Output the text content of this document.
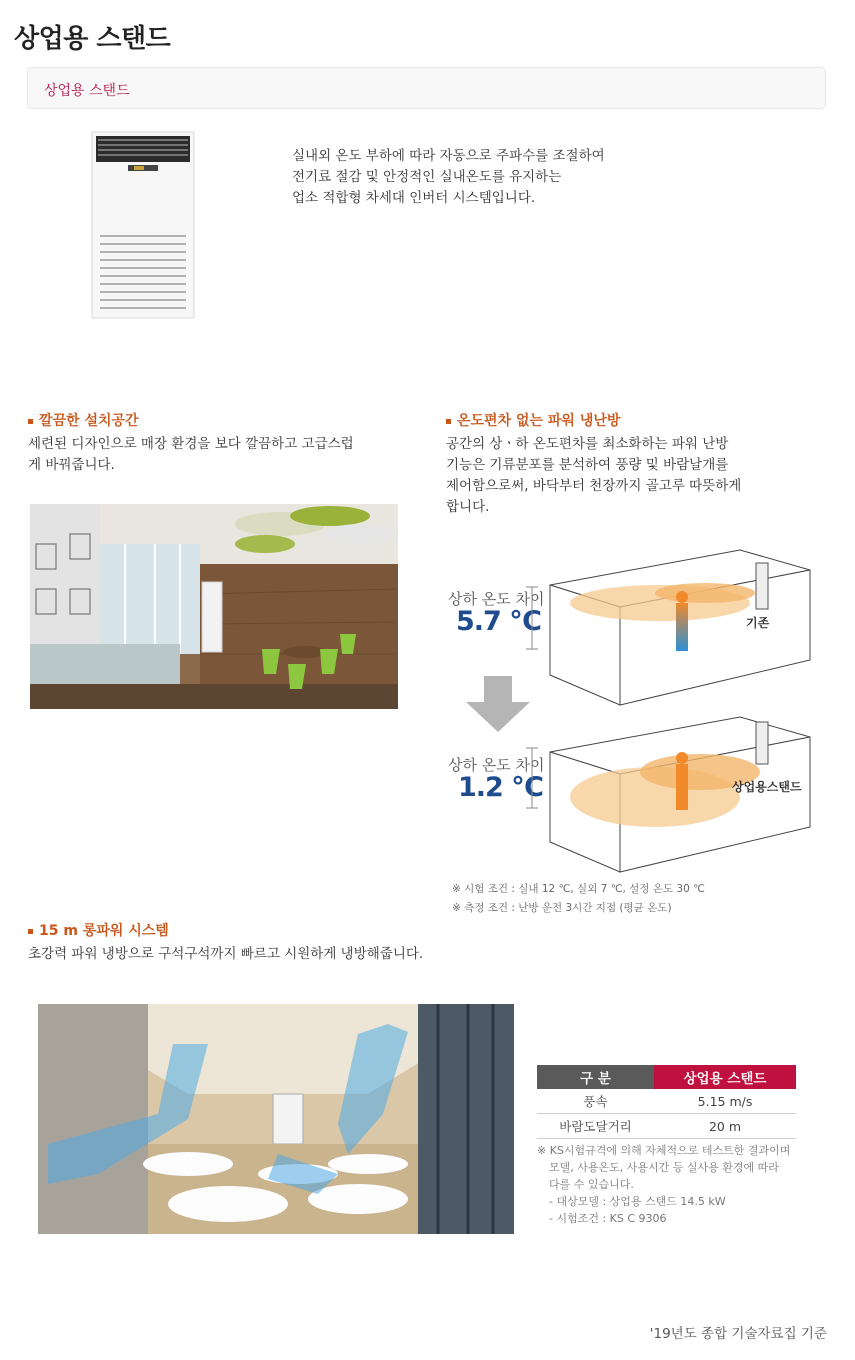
상업용 스탠드
상업용 스탠드
실내외 온도 부하에 따라 자동으로 주파수를 조절하여
전기료 절감 및 안정적인 실내온도를 유지하는
업소 적합형 차세대 인버터 시스템입니다.
깔끔한 설치공간
세련된 디자인으로 매장 환경을 보다 깔끔하고 고급스럽
게 바꿔줍니다.
온도편차 없는 파워 냉난방
공간의 상ㆍ하 온도편차를 최소화하는 파워 난방
기능은 기류분포를 분석하여 풍량 및 바람날개를
제어함으로써, 바닥부터 천장까지 골고루 따뜻하게
합니다.
상하 온도 차이
5.7 ℃	기존
상하 온도 차이
1.2 ℃	상업용스탠드
※ 시험 조건 : 실내 12 ℃, 실외 7 ℃, 설정 온도 30 ℃
※ 측정 조건 : 난방 운전 3시간 지점 (평균 온도)
15 m 롱파워 시스템
초강력 파워 냉방으로 구석구석까지 빠르고 시원하게 냉방해줍니다.
구 분	상업용 스탠드
풍속	5.15 m/s
바람도달거리	20 m
※ KS시험규격에 의해 자체적으로 테스트한 결과이며
모델, 사용온도, 사용시간 등 실사용 환경에 따라
다를 수 있습니다.
- 대상모델 : 상업용 스탠드 14.5 kW
- 시험조건 : KS C 9306
'19년도 종합 기술자료집 기준
